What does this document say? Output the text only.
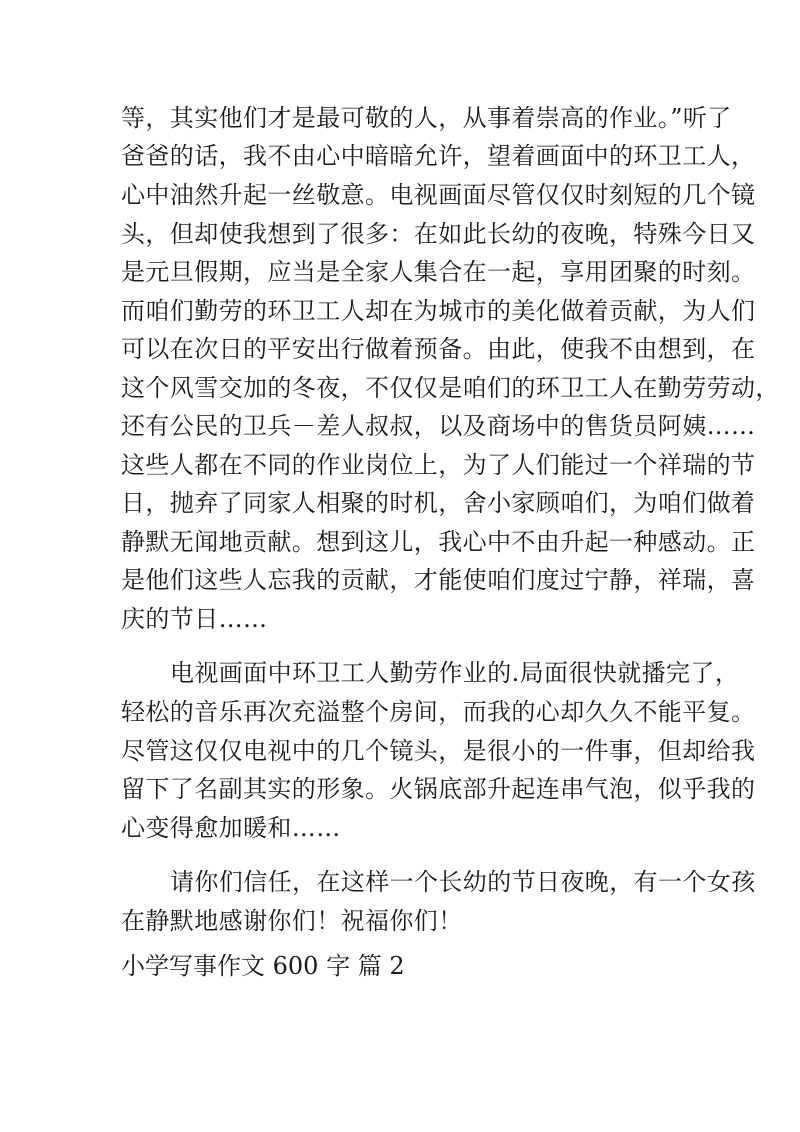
等，其实他们才是最可敬的人，从事着崇高的作业。”听了
爸爸的话，我不由心中暗暗允许，望着画面中的环卫工人，
心中油然升起一丝敬意。电视画面尽管仅仅时刻短的几个镜
头，但却使我想到了很多：在如此长幼的夜晚，特殊今日又
是元旦假期，应当是全家人集合在一起，享用团聚的时刻。
而咱们勤劳的环卫工人却在为城市的美化做着贡献，为人们
可以在次日的平安出行做着预备。由此，使我不由想到，在
这个风雪交加的冬夜，不仅仅是咱们的环卫工人在勤劳劳动，
还有公民的卫兵－差人叔叔，以及商场中的售货员阿姨……
这些人都在不同的作业岗位上，为了人们能过一个祥瑞的节
日，抛弃了同家人相聚的时机，舍小家顾咱们，为咱们做着
静默无闻地贡献。想到这儿，我心中不由升起一种感动。正
是他们这些人忘我的贡献，才能使咱们度过宁静，祥瑞，喜
庆的节日……
电视画面中环卫工人勤劳作业的.局面很快就播完了，
轻松的音乐再次充溢整个房间，而我的心却久久不能平复。
尽管这仅仅电视中的几个镜头，是很小的一件事，但却给我
留下了名副其实的形象。火锅底部升起连串气泡，似乎我的
心变得愈加暖和……
请你们信任，在这样一个长幼的节日夜晚，有一个女孩
在静默地感谢你们！祝福你们！
小学写事作文 600 字 篇 2
